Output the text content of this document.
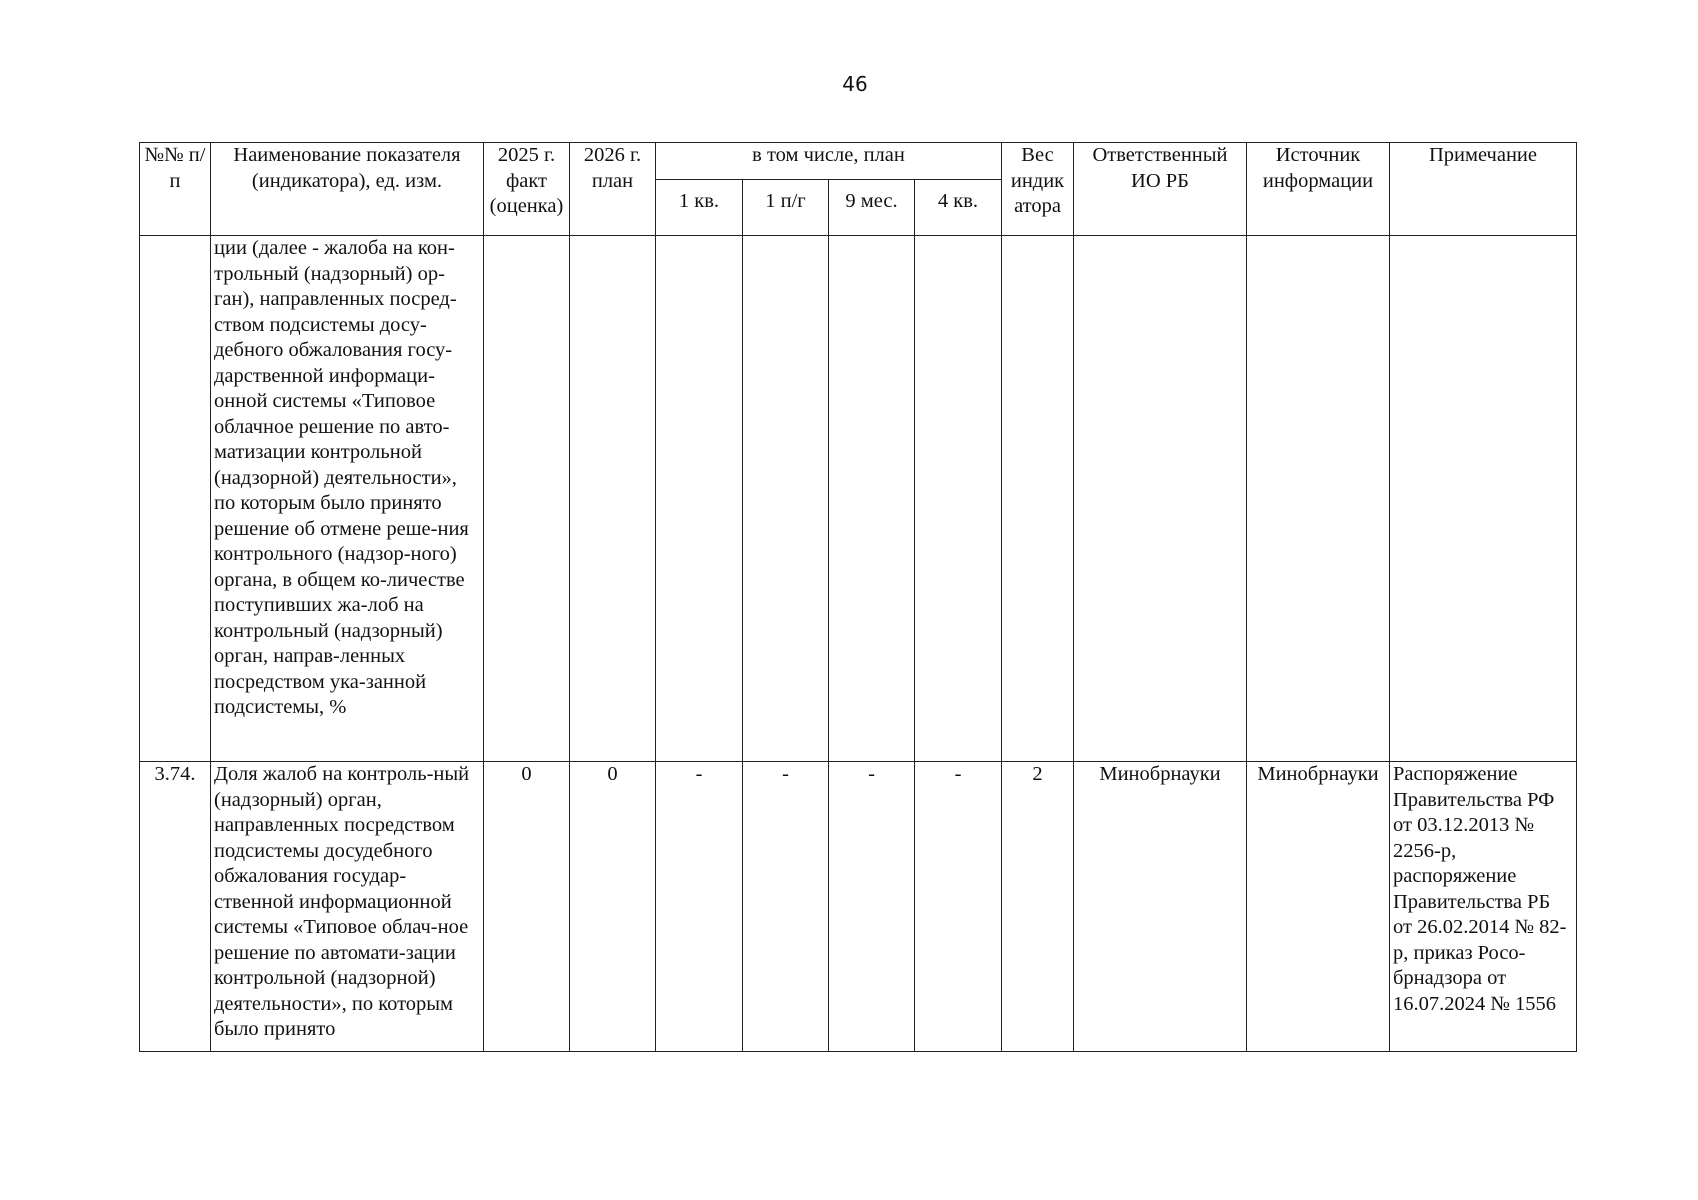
46
№№ п/п	Наименование показателя (индикатора), ед. изм.	2025 г. факт (оценка)	2026 г. план	в том числе, план				Вес индик атора	Ответственный ИО РБ	Источник информации	Примечание
				1 кв.	1 п/г	9 мес.	4 кв.				
	ции (далее - жалоба на кон-трольный (надзорный) ор-ган), направленных посред-ством подсистемы досу-дебного обжалования госу-дарственной информаци-онной системы «Типовое облачное решение по авто-матизации контрольной (надзорной) деятельности», по которым было принято решение об отмене реше-ния контрольного (надзор-ного) органа, в общем ко-личестве поступивших жа-лоб на контрольный (надзорный) орган, направ-ленных посредством ука-занной подсистемы, %										
3.74.	Доля жалоб на контроль-ный (надзорный) орган, направленных посредством подсистемы досудебного обжалования государ-ственной информационной системы «Типовое облач-ное решение по автомати-зации контрольной (надзорной) деятельности», по которым было принято	0	0	-	-	-	-	2	Минобрнауки	Минобрнауки	Распоряжение Правительства РФ от 03.12.2013 № 2256-р, распоряжение Правительства РБ от 26.02.2014 № 82-р, приказ Росо-брнадзора от 16.07.2024 № 1556
